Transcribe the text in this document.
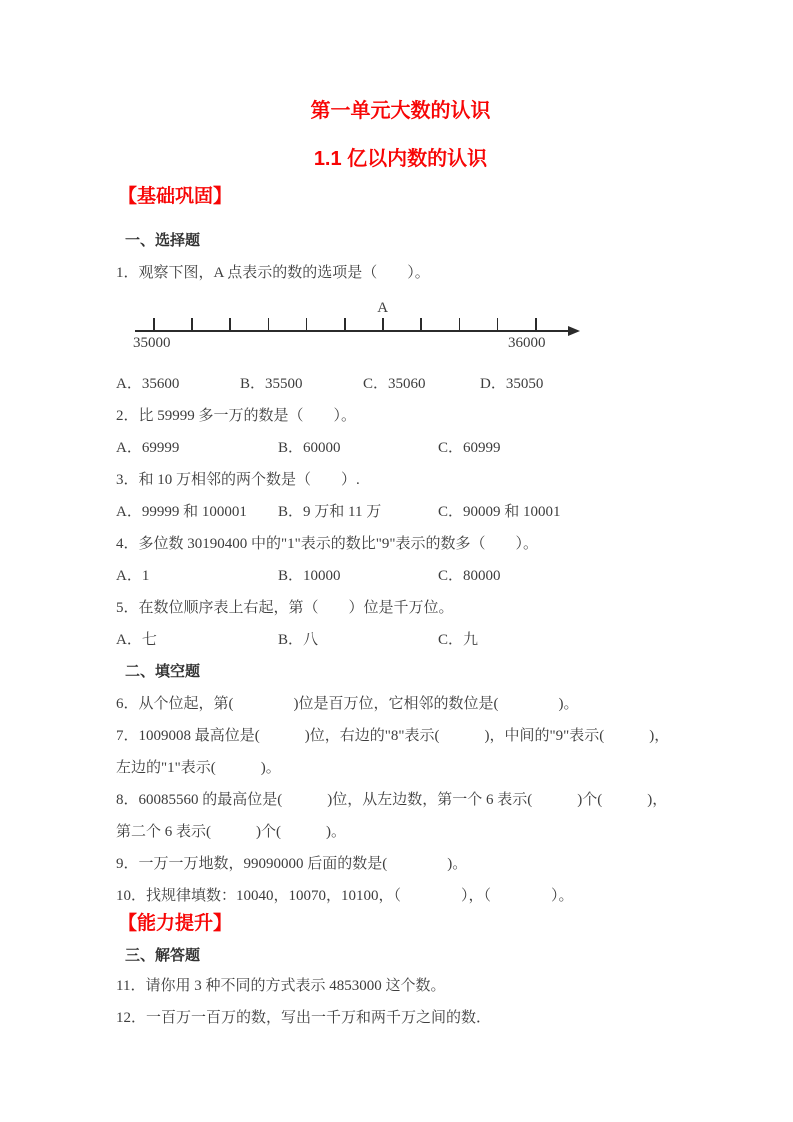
第一单元大数的认识
1.1 亿以内数的认识
【基础巩固】
一、选择题

1．观察下图，A 点表示的数的选项是（　　）。

A
35000	36000
A．35600	B．35500	C．35060	D．35050

2．比 59999 多一万的数是（　　）。

A．69999	B．60000	C．60999

3．和 10 万相邻的两个数是（　　）.

A．99999 和 100001	B．9 万和 11 万	C．90009 和 10001

4．多位数 30190400 中的"1"表示的数比"9"表示的数多（　　）。

A．1	B．10000	C．80000

5．在数位顺序表上右起，第（　　）位是千万位。

A．七	B．八	C．九
二、填空题

6．从个位起，第(　　　　)位是百万位，它相邻的数位是(　　　　)。

7．1009008 最高位是(　　　)位，右边的"8"表示(　　　)，中间的"9"表示(　　　)，

左边的"1"表示(　　　)。

8．60085560 的最高位是(　　　)位，从左边数，第一个 6 表示(　　　)个(　　　)，

第二个 6 表示(　　　)个(　　　)。

9．一万一万地数，99090000 后面的数是(　　　　)。

10．找规律填数：10040，10070，10100，（　　　　），（　　　　）。

【能力提升】
三、解答题

11．请你用 3 种不同的方式表示 4853000 这个数。

12．一百万一百万的数，写出一千万和两千万之间的数．
